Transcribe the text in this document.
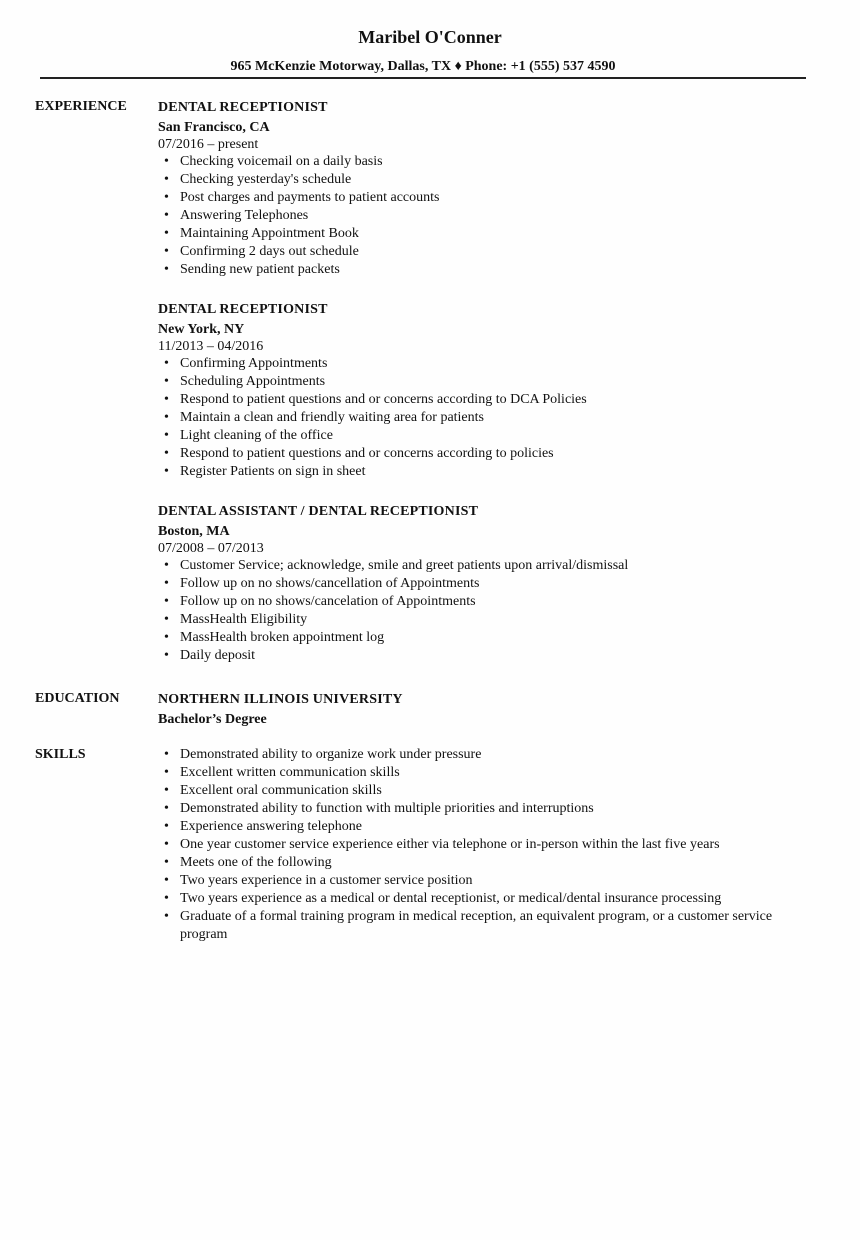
Maribel O'Conner
965 McKenzie Motorway, Dallas, TX ♦ Phone: +1 (555) 537 4590
EXPERIENCE DENTAL RECEPTIONIST
San Francisco, CA
07/2016 – present
• Checking voicemail on a daily basis
• Checking yesterday's schedule
• Post charges and payments to patient accounts
• Answering Telephones
• Maintaining Appointment Book
• Confirming 2 days out schedule
• Sending new patient packets
DENTAL RECEPTIONIST
New York, NY
11/2013 – 04/2016
• Confirming Appointments
• Scheduling Appointments
• Respond to patient questions and or concerns according to DCA Policies
• Maintain a clean and friendly waiting area for patients
• Light cleaning of the office
• Respond to patient questions and or concerns according to policies
• Register Patients on sign in sheet
DENTAL ASSISTANT / DENTAL RECEPTIONIST
Boston, MA
07/2008 – 07/2013
• Customer Service; acknowledge, smile and greet patients upon arrival/dismissal
• Follow up on no shows/cancellation of Appointments
• Follow up on no shows/cancelation of Appointments
• MassHealth Eligibility
• MassHealth broken appointment log
• Daily deposit
EDUCATION	NORTHERN ILLINOIS UNIVERSITY
Bachelor’s Degree
SKILLS	• Demonstrated ability to organize work under pressure
• Excellent written communication skills
• Excellent oral communication skills
• Demonstrated ability to function with multiple priorities and interruptions
• Experience answering telephone
• One year customer service experience either via telephone or in-person within the last five years
• Meets one of the following
• Two years experience in a customer service position
• Two years experience as a medical or dental receptionist, or medical/dental insurance processing
• Graduate of a formal training program in medical reception, an equivalent program, or a customer service program
